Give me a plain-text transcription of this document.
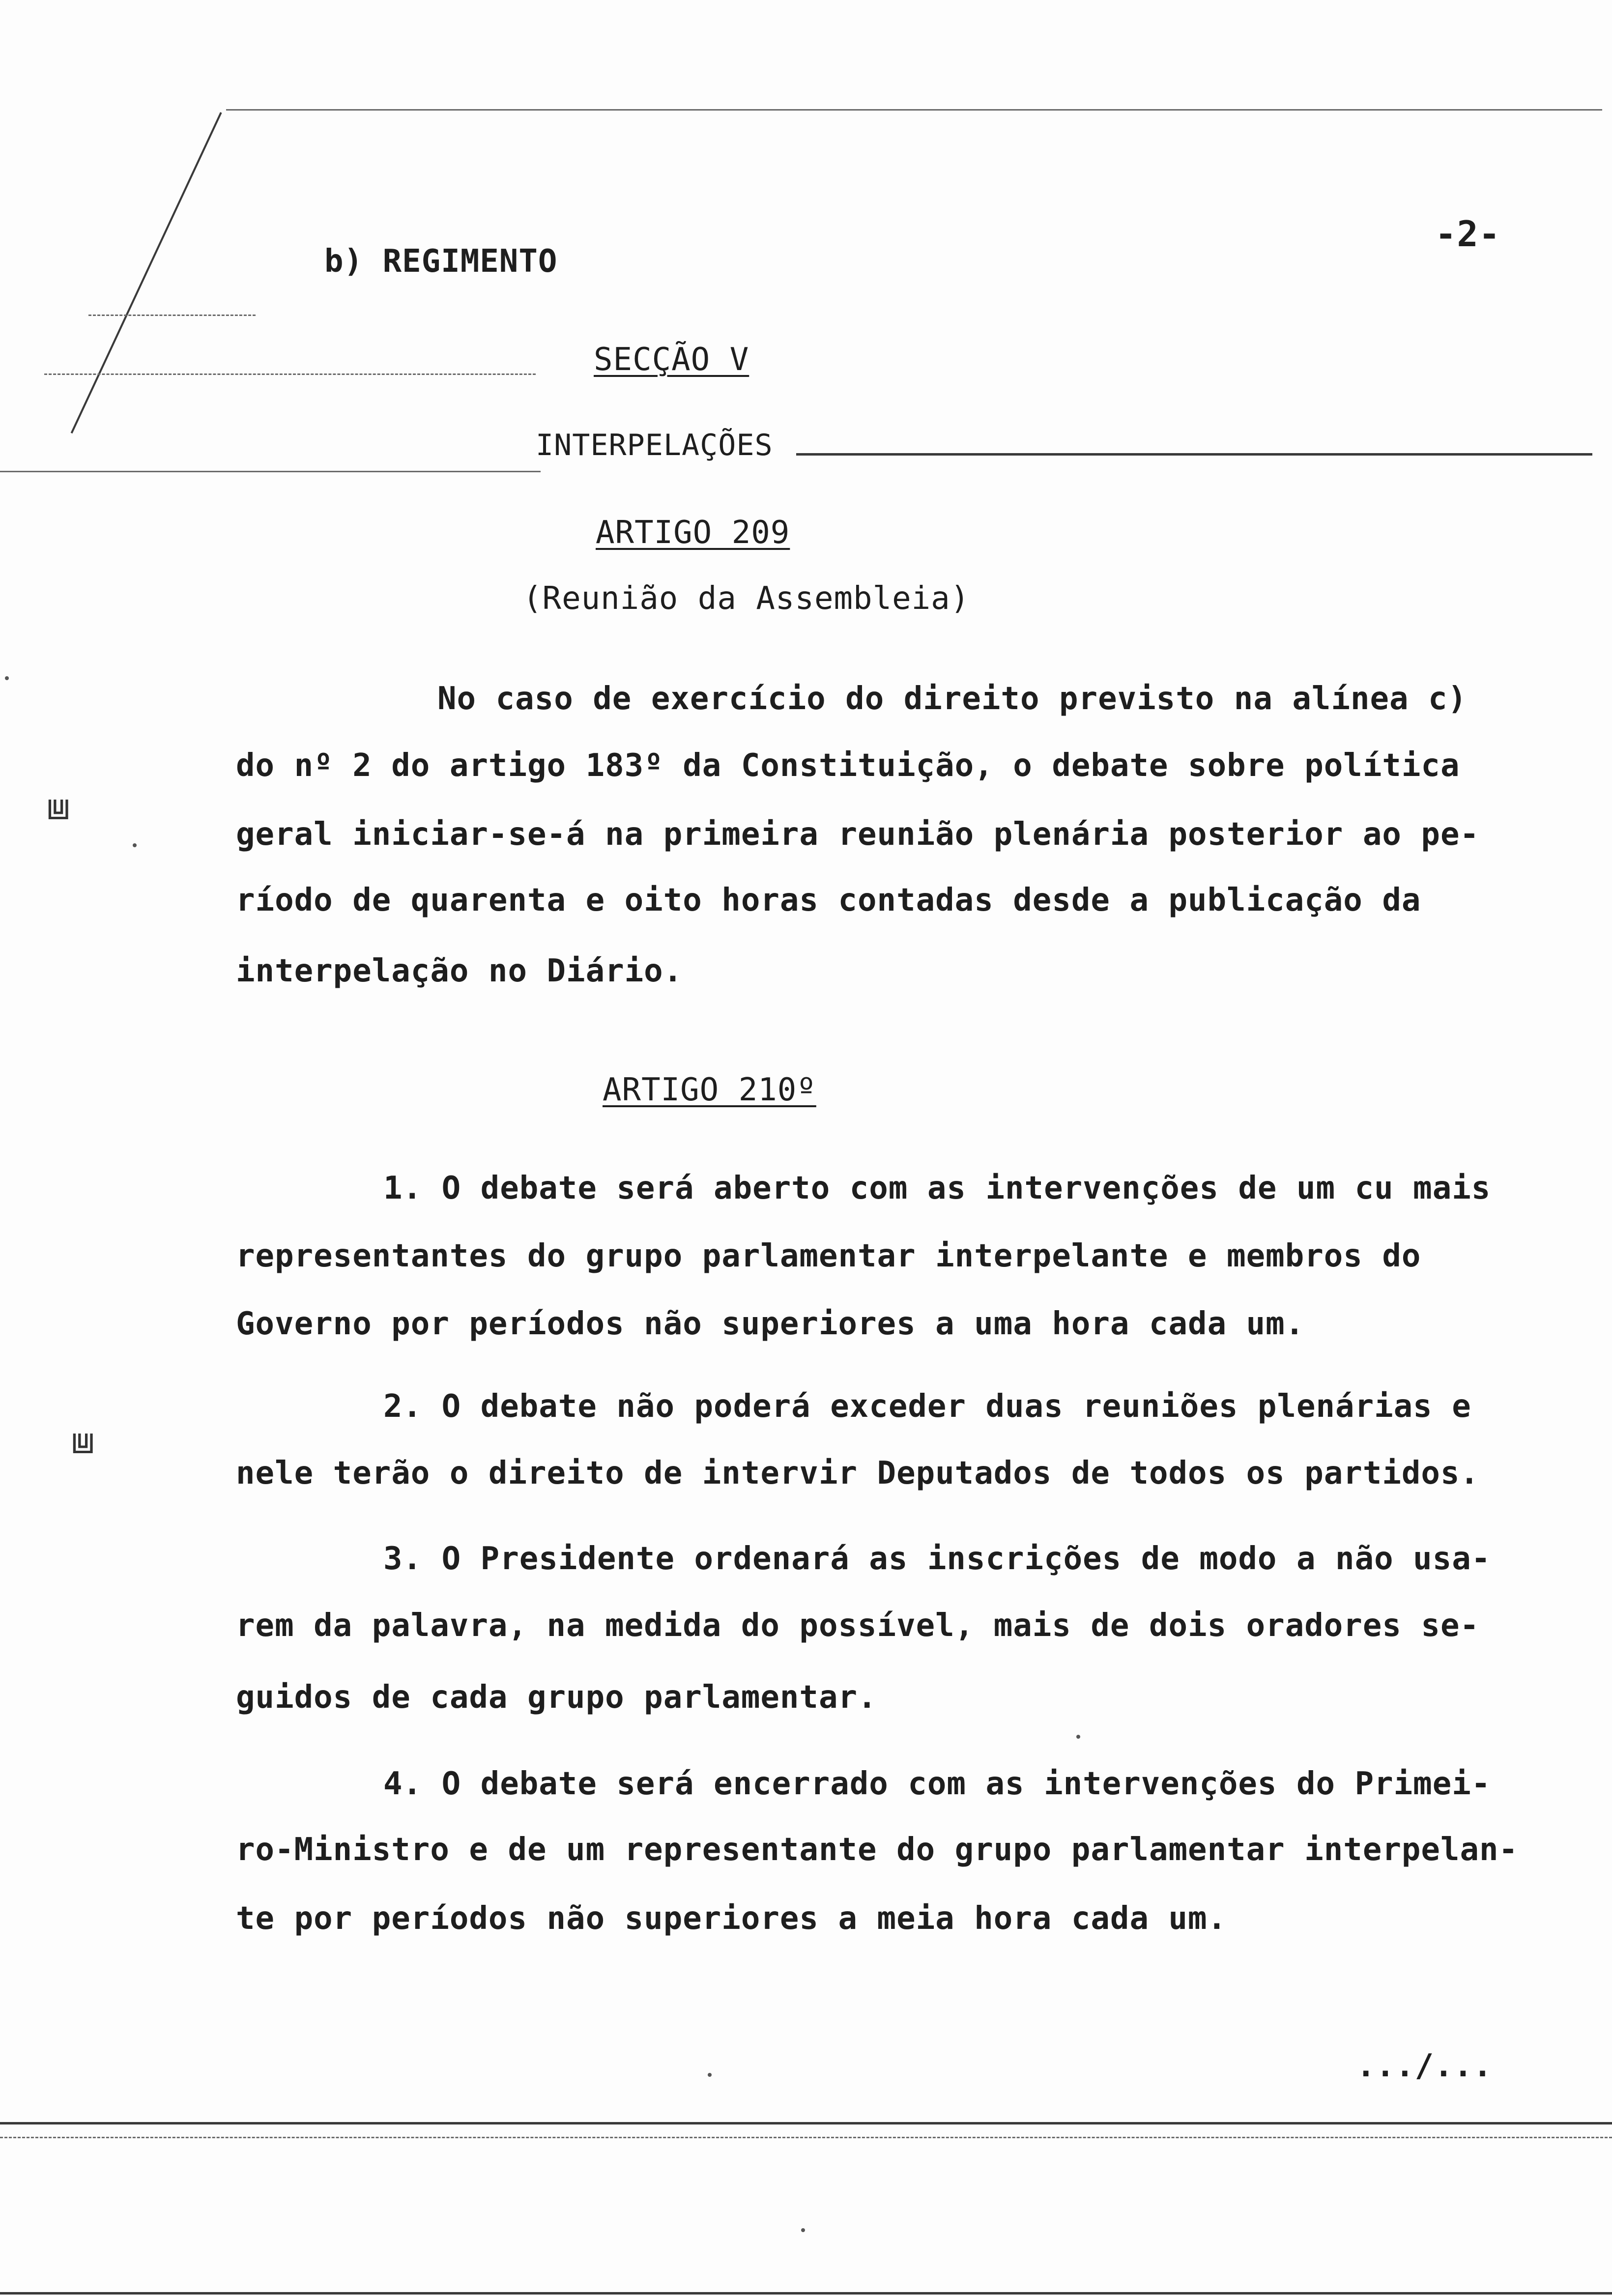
b) REGIMENTO
-2-
SECÇÃO V
INTERPELAÇÕES
ARTIGO 209
(Reunião da Assembleia)
No caso de exercício do direito previsto na alínea c)
do nº 2 do artigo 183º da Constituição, o debate sobre política
geral iniciar-se-á na primeira reunião plenária posterior ao pe-
ríodo de quarenta e oito horas contadas desde a publicação da
interpelação no Diário.
ARTIGO 210º
1. O debate será aberto com as intervenções de um cu mais
representantes do grupo parlamentar interpelante e membros do
Governo por períodos não superiores a uma hora cada um.
2. O debate não poderá exceder duas reuniões plenárias e
nele terão o direito de intervir Deputados de todos os partidos.
3. O Presidente ordenará as inscrições de modo a não usa-
rem da palavra, na medida do possível, mais de dois oradores se-
guidos de cada grupo parlamentar.
4. O debate será encerrado com as intervenções do Primei-
ro-Ministro e de um representante do grupo parlamentar interpelan-
te por períodos não superiores a meia hora cada um.
.../...
⩏
⩏
